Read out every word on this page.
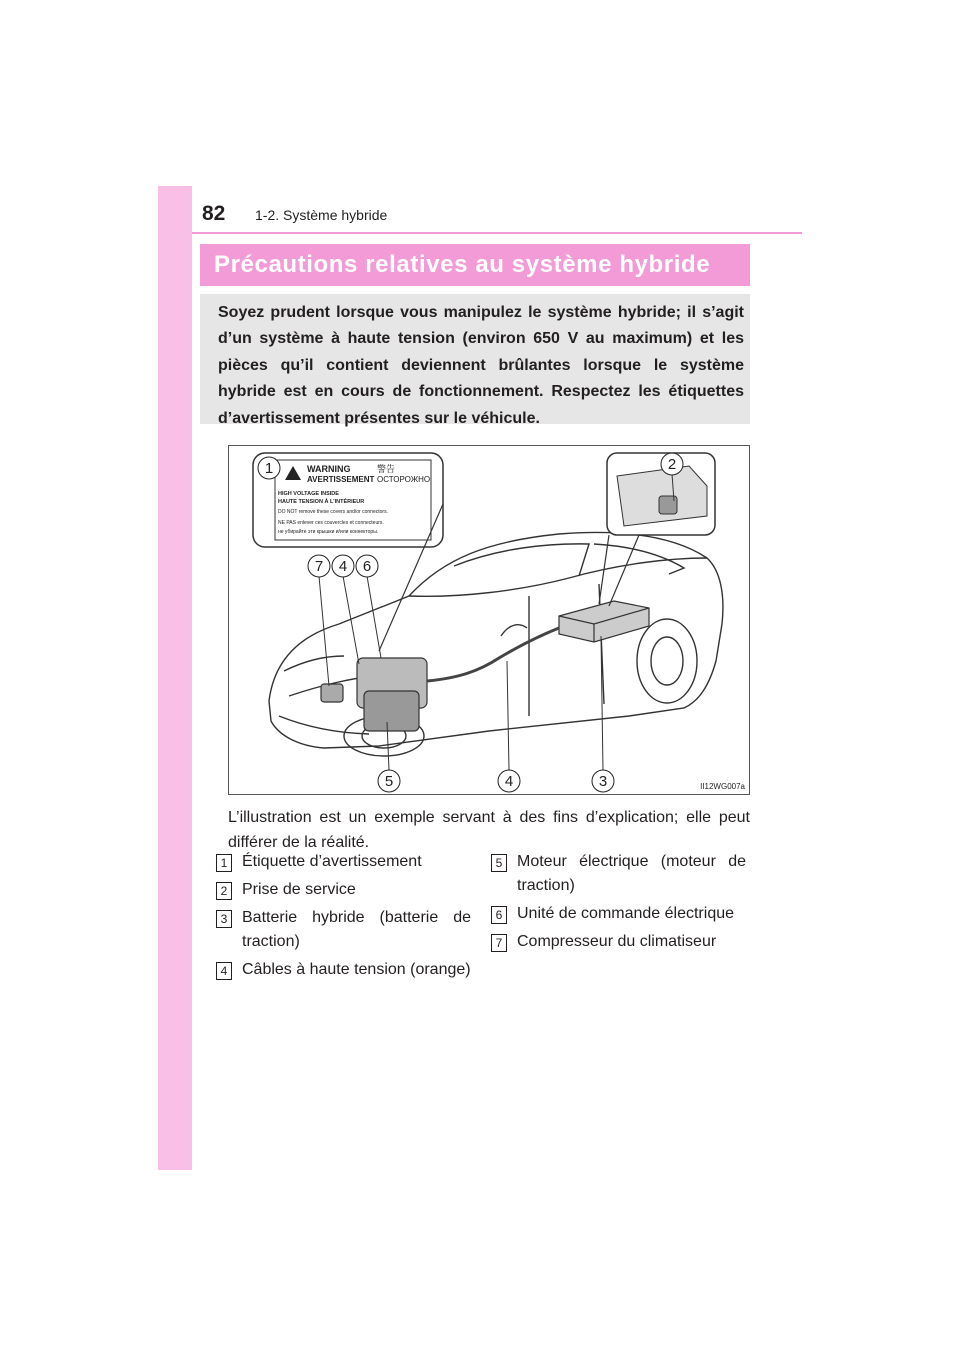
82 1-2. Système hybride
Précautions relatives au système hybride
Soyez prudent lorsque vous manipulez le système hybride; il s’agit d’un système à haute tension (environ 650 V au maximum) et les pièces qu’il contient deviennent brûlantes lorsque le système hybride est en cours de fonctionnement. Respectez les étiquettes d’avertissement présentes sur le véhicule.
WARNING	警告
AVERTISSEMENT ОСТОРОЖНО
HIGH VOLTAGE INSIDE
HAUTE TENSION À L'INTÉRIEUR
DO NOT remove these covers and/or connectors.
NE PAS enlever ces couvercles et connecteurs.
не убирайте эти крышки и/или коннекторы.
1	2
7 4 6
5	4	3	II12WG007a
L’illustration est un exemple servant à des fins d’explication; elle peut différer de la réalité.
1 Étiquette d’avertissement
2 Prise de service
3 Batterie hybride (batterie de traction)
4 Câbles à haute tension (orange)
5 Moteur électrique (moteur de traction)
6 Unité de commande électrique
7 Compresseur du climatiseur
